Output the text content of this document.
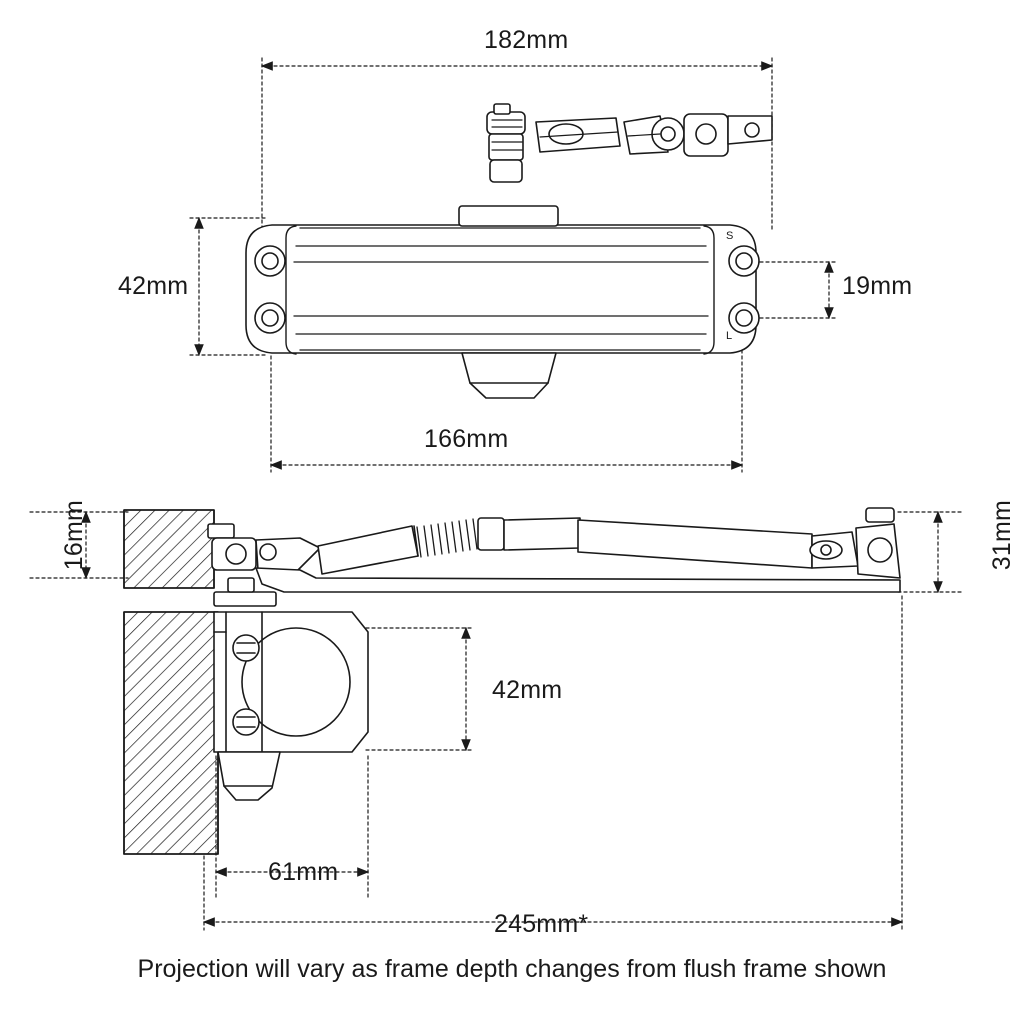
182mm
42mm	19mm
166mm
16mm	31mm
42mm
61mm
245mm*
S
L
Projection will vary as frame depth changes from flush frame shown
